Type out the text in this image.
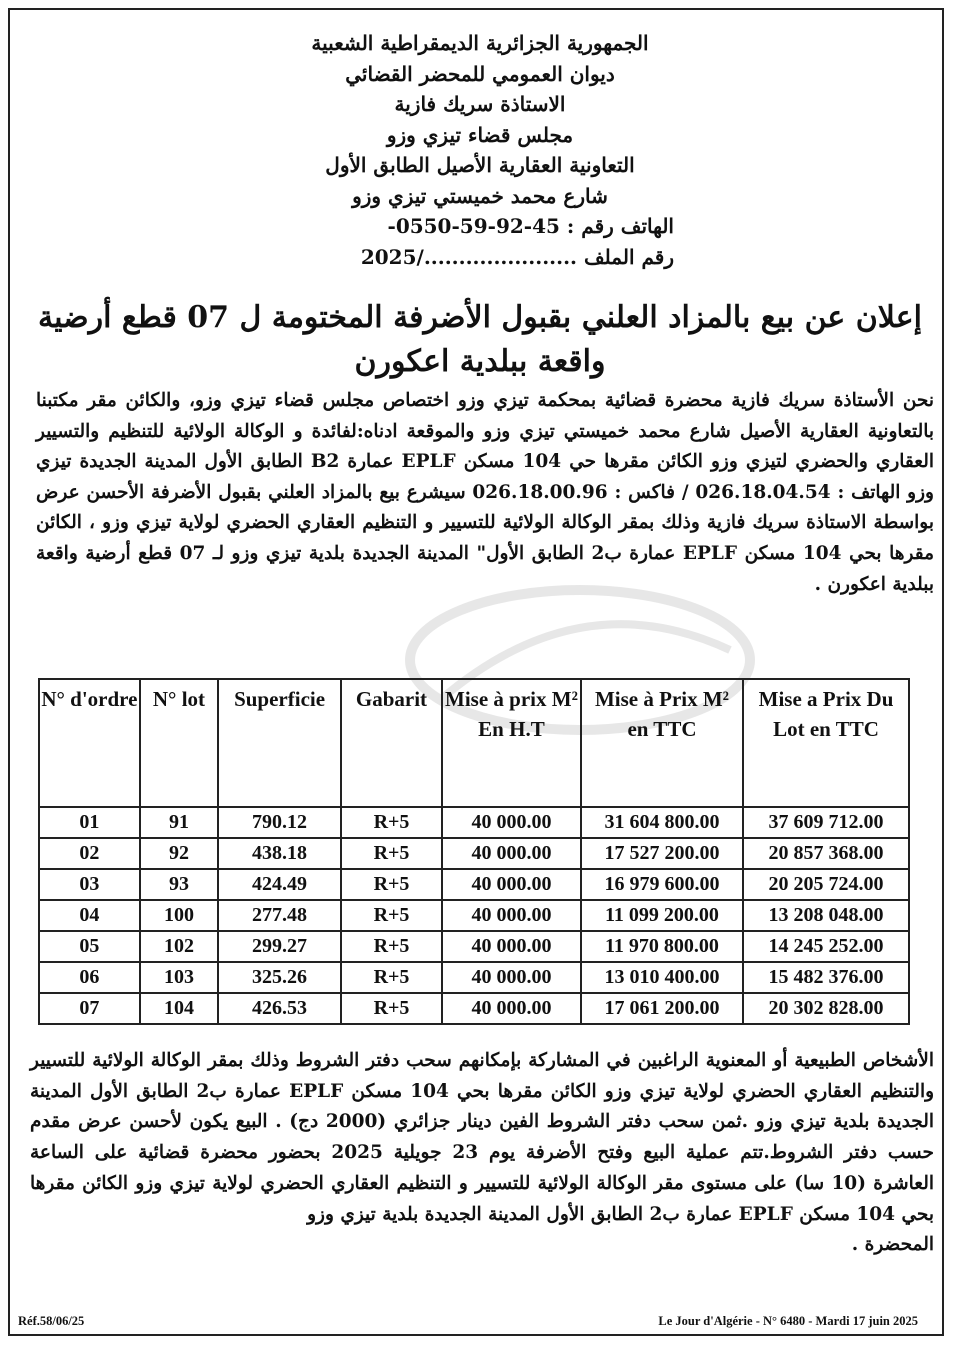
الجمهورية الجزائرية الديمقراطية الشعبية
ديوان العمومي للمحضر القضائي
الاستاذة سريك فازية
مجلس قضاء تيزي وزو
التعاونية العقارية الأصيل الطابق الأول
شارع محمد خميستي تيزي وزو
الهاتف رقم : 45-92-59-0550-
رقم الملف ....................../2025
إعلان عن بيع بالمزاد العلني بقبول الأضرفة المختومة ل 07 قطع أرضية واقعة ببلدية اعكورن
نحن الأستاذة سريك فازية محضرة قضائية بمحكمة تيزي وزو اختصاص مجلس قضاء تيزي وزو، والكائن مقر مكتبنا بالتعاونية العقارية الأصيل شارع محمد خميستي تيزي وزو والموقعة ادناه:لفائدة و الوكالة الولائية للتنظيم والتسيير العقاري والحضري لتيزي وزو الكائن مقرها حي 104 مسكن EPLF عمارة B2 الطابق الأول المدينة الجديدة تيزي وزو الهاتف : 026.18.04.54 / فاكس : 026.18.00.96 سيشرع بيع بالمزاد العلني بقبول الأضرفة الأحسن عرض بواسطة الاستاذة سريك فازية وذلك بمقر الوكالة الولائية للتسيير و التنظيم العقاري الحضري لولاية تيزي وزو ، الكائن مقرها بحي 104 مسكن EPLF عمارة ب2 الطابق الأول" المدينة الجديدة بلدية تيزي وزو لـ 07 قطع أرضية واقعة ببلدية اعكورن .
N° d'ordre	N° lot	Superficie	Gabarit	Mise à prix M² En H.T	Mise à Prix M² en TTC	Mise a Prix Du Lot en TTC
01	91	790.12	R+5	40 000.00	31 604 800.00	37 609 712.00
02	92	438.18	R+5	40 000.00	17 527 200.00	20 857 368.00
03	93	424.49	R+5	40 000.00	16 979 600.00	20 205 724.00
04	100	277.48	R+5	40 000.00	11 099 200.00	13 208 048.00
05	102	299.27	R+5	40 000.00	11 970 800.00	14 245 252.00
06	103	325.26	R+5	40 000.00	13 010 400.00	15 482 376.00
07	104	426.53	R+5	40 000.00	17 061 200.00	20 302 828.00
الأشخاص الطبيعية أو المعنوية الراغبين في المشاركة بإمكانهم سحب دفتر الشروط وذلك بمقر الوكالة الولائية للتسيير والتنظيم العقاري الحضري لولاية تيزي وزو الكائن مقرها بحي 104 مسكن EPLF عمارة ب2 الطابق الأول المدينة الجديدة بلدية تيزي وزو .ثمن سحب دفتر الشروط الفين دينار جزائري (2000 دج) . البيع يكون لأحسن عرض مقدم حسب دفتر الشروط.تتم عملية البيع وفتح الأضرفة يوم 23 جويلية 2025 بحضور محضرة قضائية على الساعة العاشرة (10 سا) على مستوى مقر الوكالة الولائية للتسيير و التنظيم العقاري الحضري لولاية تيزي وزو الكائن مقرها بحي 104 مسكن EPLF عمارة ب2 الطابق الأول المدينة الجديدة بلدية تيزي وزو
المحضرة .
Réf.58/06/25	Le Jour d'Algérie - N° 6480 - Mardi 17 juin 2025
